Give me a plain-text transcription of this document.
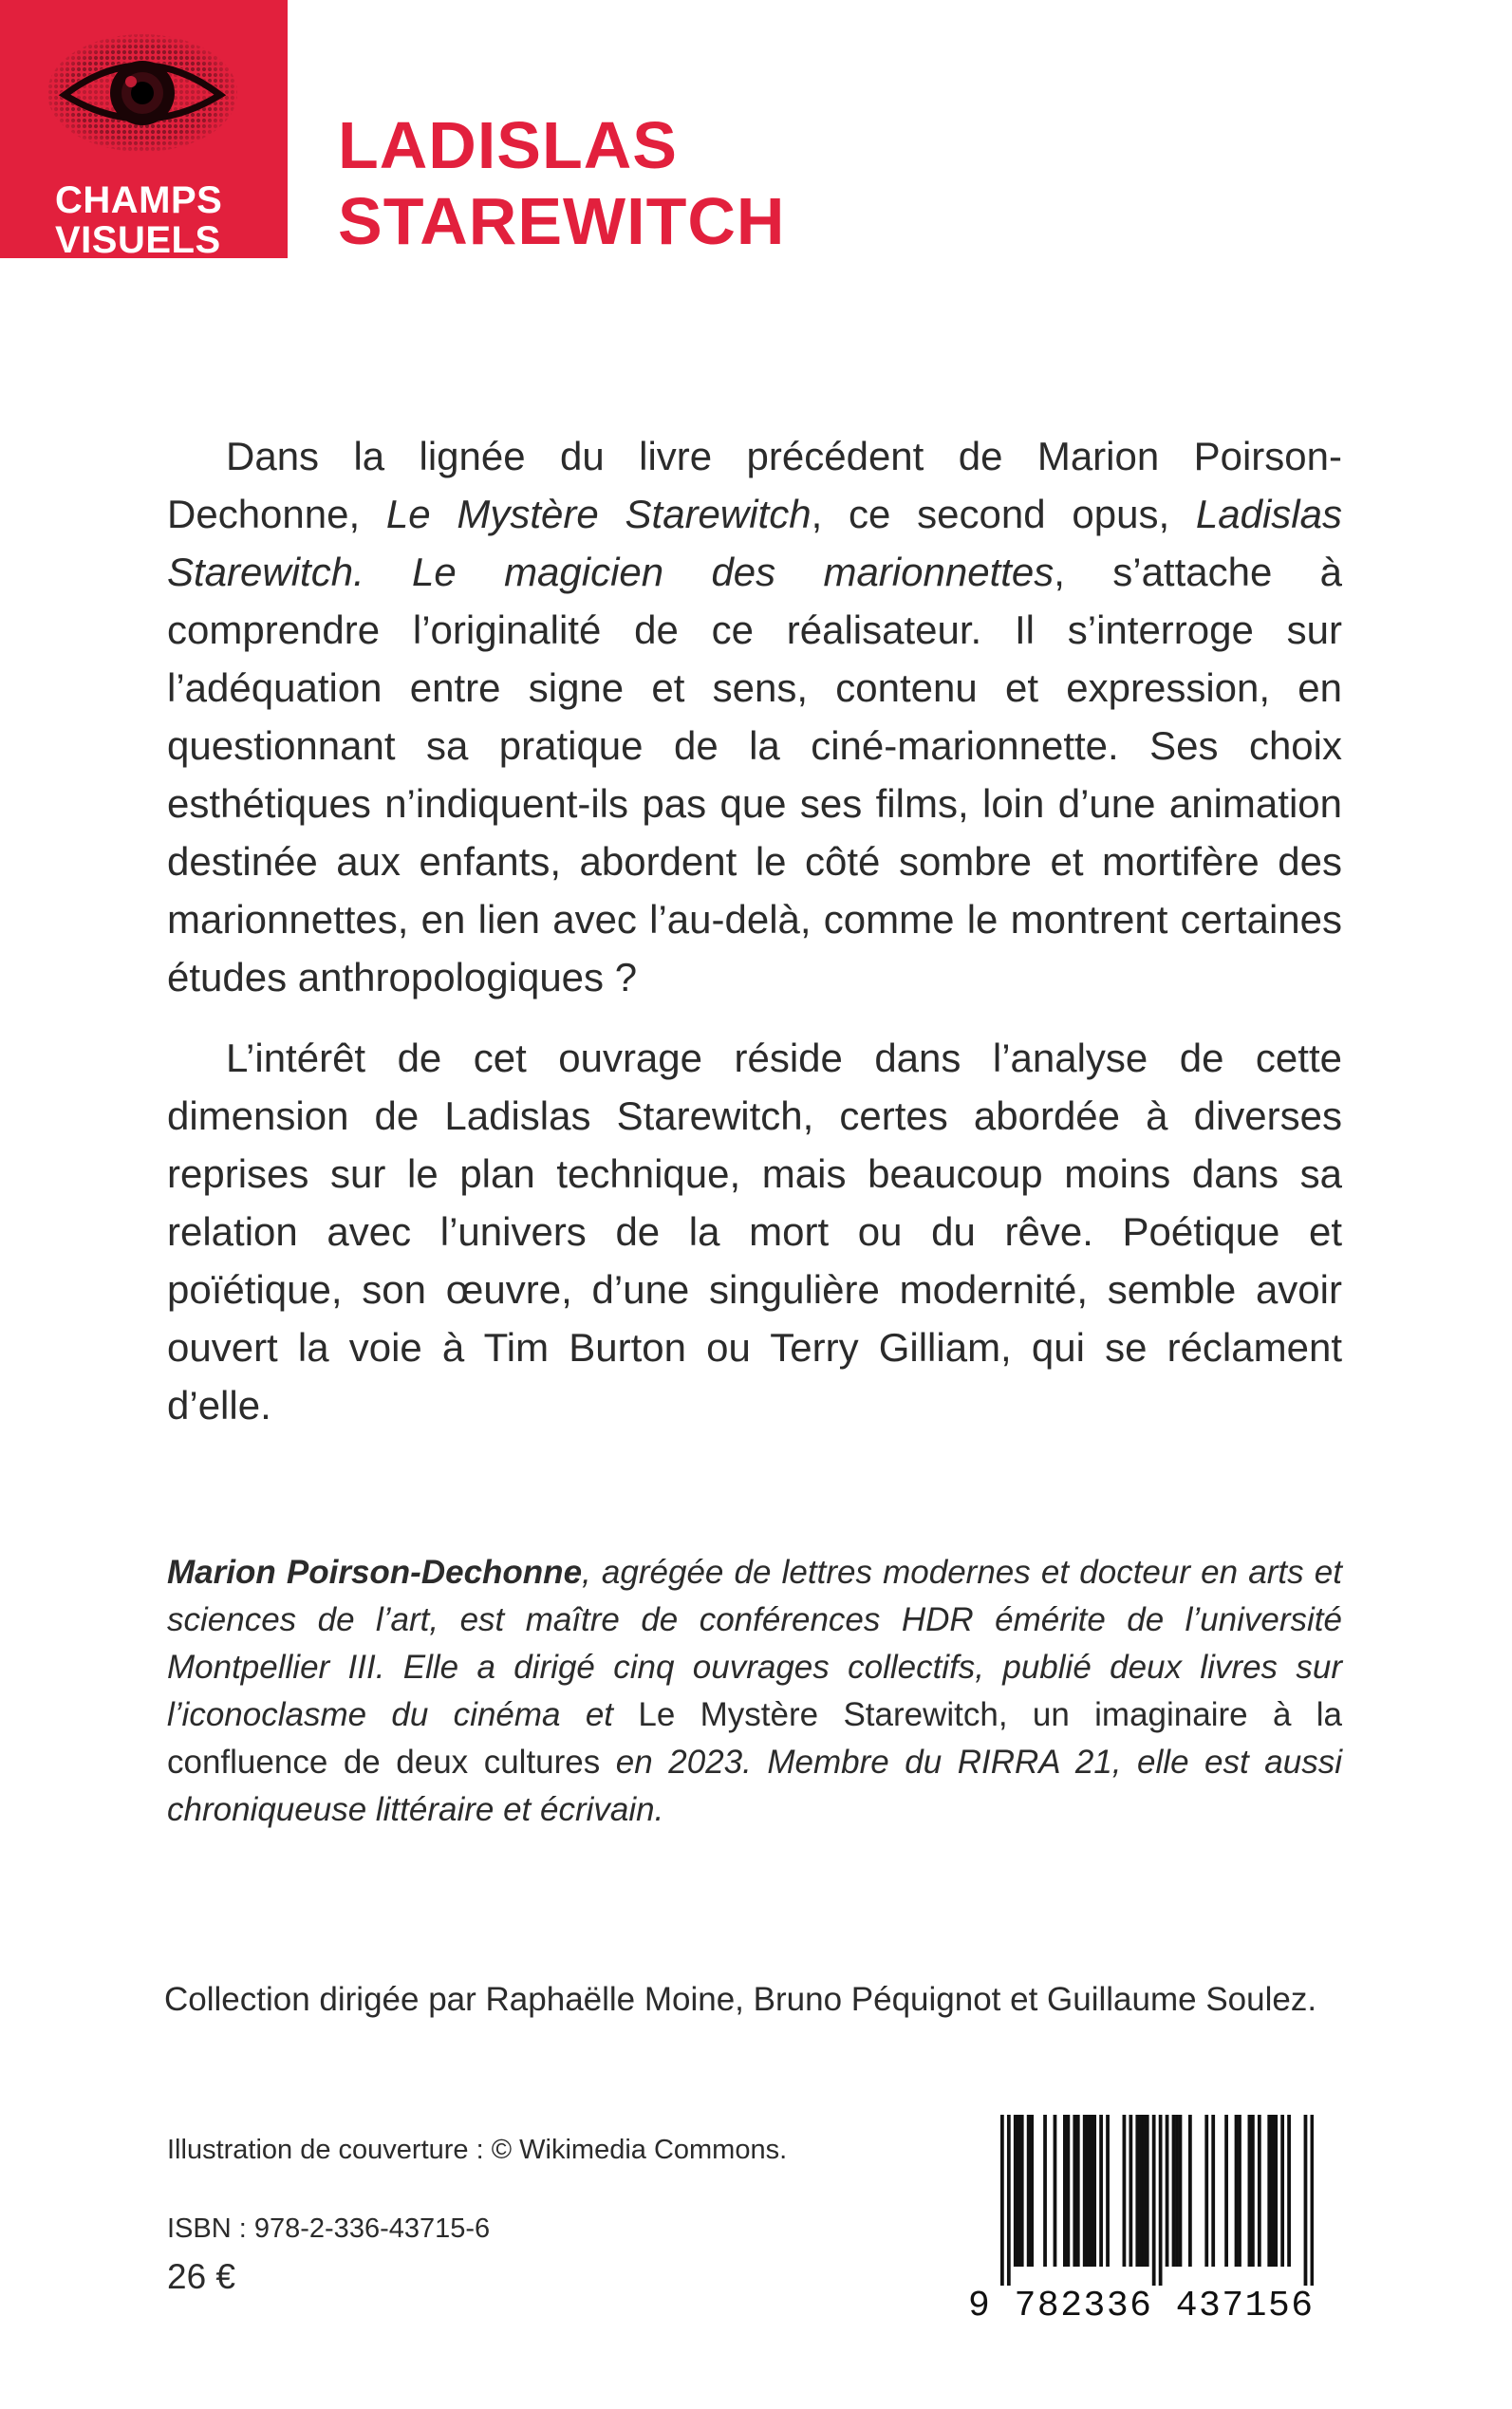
CHAMPS
VISUELS
LADISLAS
STAREWITCH

Dans la lignée du livre précédent de Marion Poirson-Dechonne, Le Mystère Starewitch, ce second opus, Ladislas Starewitch. Le magicien des marionnettes, s’attache à comprendre l’originalité de ce réalisateur. Il s’interroge sur l’adéquation entre signe et sens, contenu et expression, en questionnant sa pratique de la ciné-marionnette. Ses choix esthétiques n’indiquent-ils pas que ses films, loin d’une animation destinée aux enfants, abordent le côté sombre et mortifère des marionnettes, en lien avec l’au-delà, comme le montrent certaines études anthropologiques ?

L’intérêt de cet ouvrage réside dans l’analyse de cette dimension de Ladislas Starewitch, certes abordée à diverses reprises sur le plan technique, mais beaucoup moins dans sa relation avec l’univers de la mort ou du rêve. Poétique et poïétique, son œuvre, d’une singulière modernité, semble avoir ouvert la voie à Tim Burton ou Terry Gilliam, qui se réclament d’elle.

Marion Poirson-Dechonne, agrégée de lettres modernes et docteur en arts et sciences de l’art, est maître de conférences HDR émérite de l’université Montpellier III. Elle a dirigé cinq ouvrages collectifs, publié deux livres sur l’iconoclasme du cinéma et Le Mystère Starewitch, un imaginaire à la confluence de deux cultures en 2023. Membre du RIRRA 21, elle est aussi chroniqueuse littéraire et écrivain.
Collection dirigée par Raphaëlle Moine, Bruno Péquignot et Guillaume Soulez.
Illustration de couverture : © Wikimedia Commons.
ISBN : 978-2-336-43715-6
26 €
9 782336 437156
